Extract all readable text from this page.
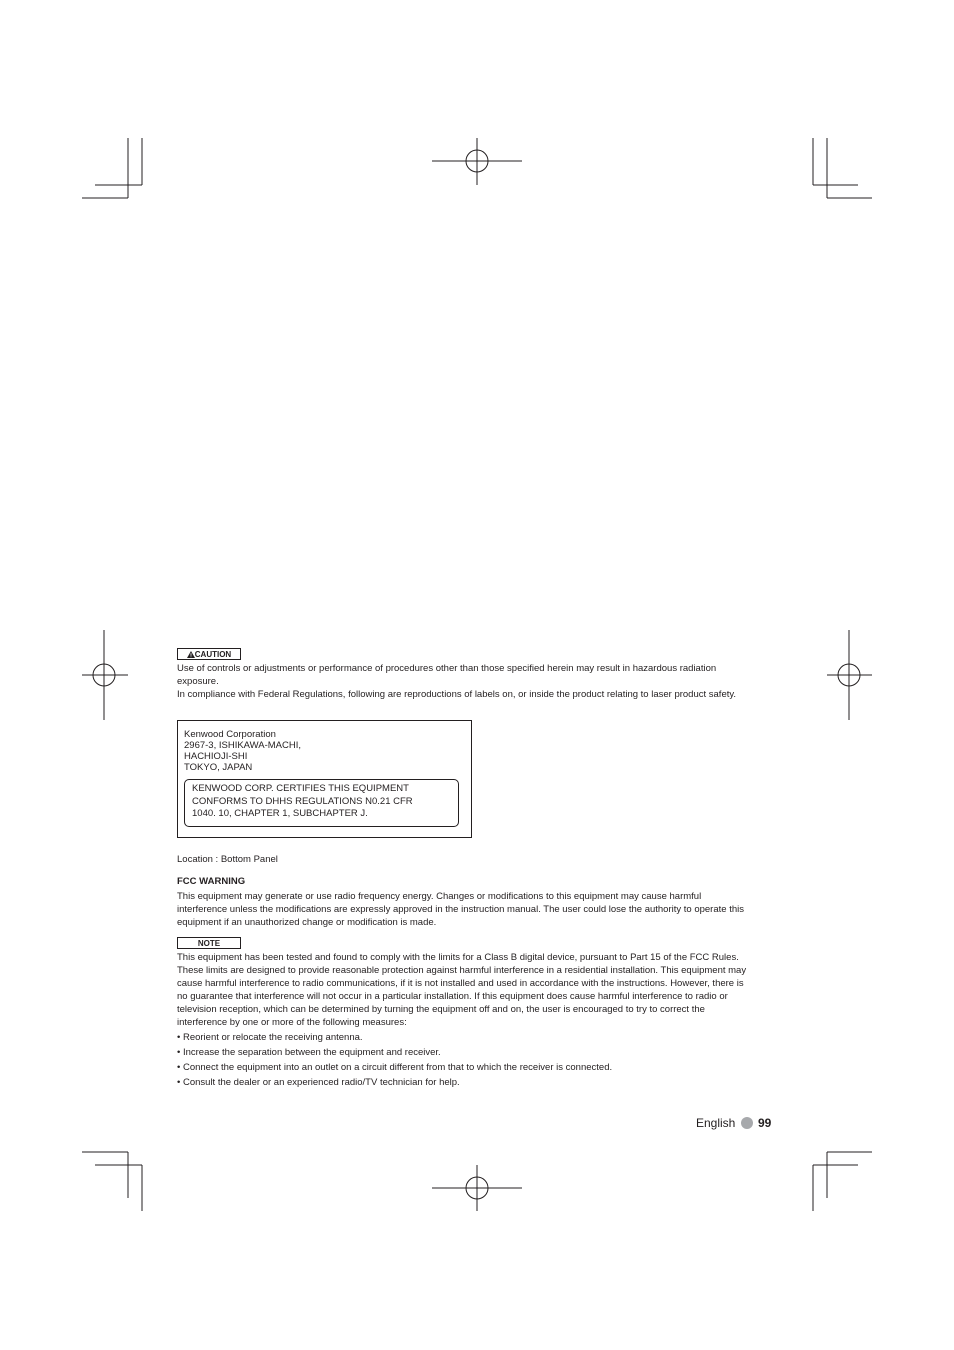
CAUTION
Use of controls or adjustments or performance of procedures other than those specified herein may result in hazardous radiation exposure.
In compliance with Federal Regulations, following are reproductions of labels on, or inside the product relating to laser product safety.
Kenwood Corporation
2967-3, ISHIKAWA-MACHI,
HACHIOJI-SHI
TOKYO, JAPAN
KENWOOD CORP. CERTIFIES THIS EQUIPMENT
CONFORMS TO DHHS REGULATIONS N0.21 CFR
1040. 10, CHAPTER 1, SUBCHAPTER J.
Location : Bottom Panel
FCC WARNING
This equipment may generate or use radio frequency energy. Changes or modifications to this equipment may cause harmful interference unless the modifications are expressly approved in the instruction manual. The user could lose the authority to operate this equipment if an unauthorized change or modification is made.
NOTE
This equipment has been tested and found to comply with the limits for a Class B digital device, pursuant to Part 15 of the FCC Rules. These limits are designed to provide reasonable protection against harmful interference in a residential installation. This equipment may cause harmful interference to radio communications, if it is not installed and used in accordance with the instructions. However, there is no guarantee that interference will not occur in a particular installation. If this equipment does cause harmful interference to radio or television reception, which can be determined by turning the equipment off and on, the user is encouraged to try to correct the interference by one or more of the following measures:
• Reorient or relocate the receiving antenna.
• Increase the separation between the equipment and receiver.
• Connect the equipment into an outlet on a circuit different from that to which the receiver is connected.
• Consult the dealer or an experienced radio/TV technician for help.
English 99
